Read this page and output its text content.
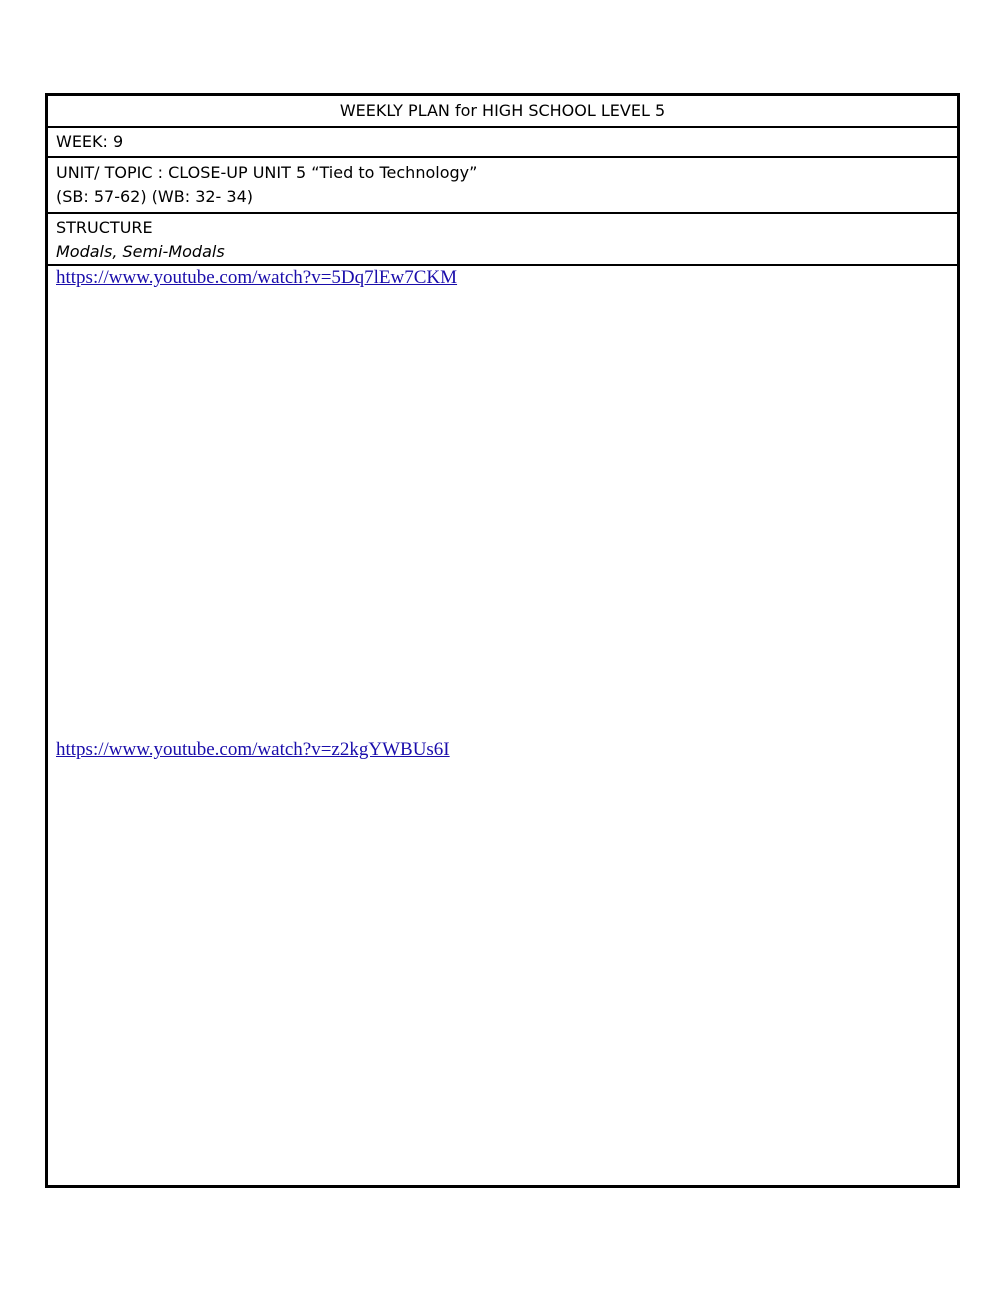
WEEKLY PLAN for HIGH SCHOOL LEVEL 5
WEEK: 9
UNIT/ TOPIC : CLOSE-UP UNIT 5 “Tied to Technology”
(SB: 57-62) (WB: 32- 34)
STRUCTURE
Modals, Semi-Modals
https://www.youtube.com/watch?v=5Dq7lEw7CKM
https://www.youtube.com/watch?v=z2kgYWBUs6I
